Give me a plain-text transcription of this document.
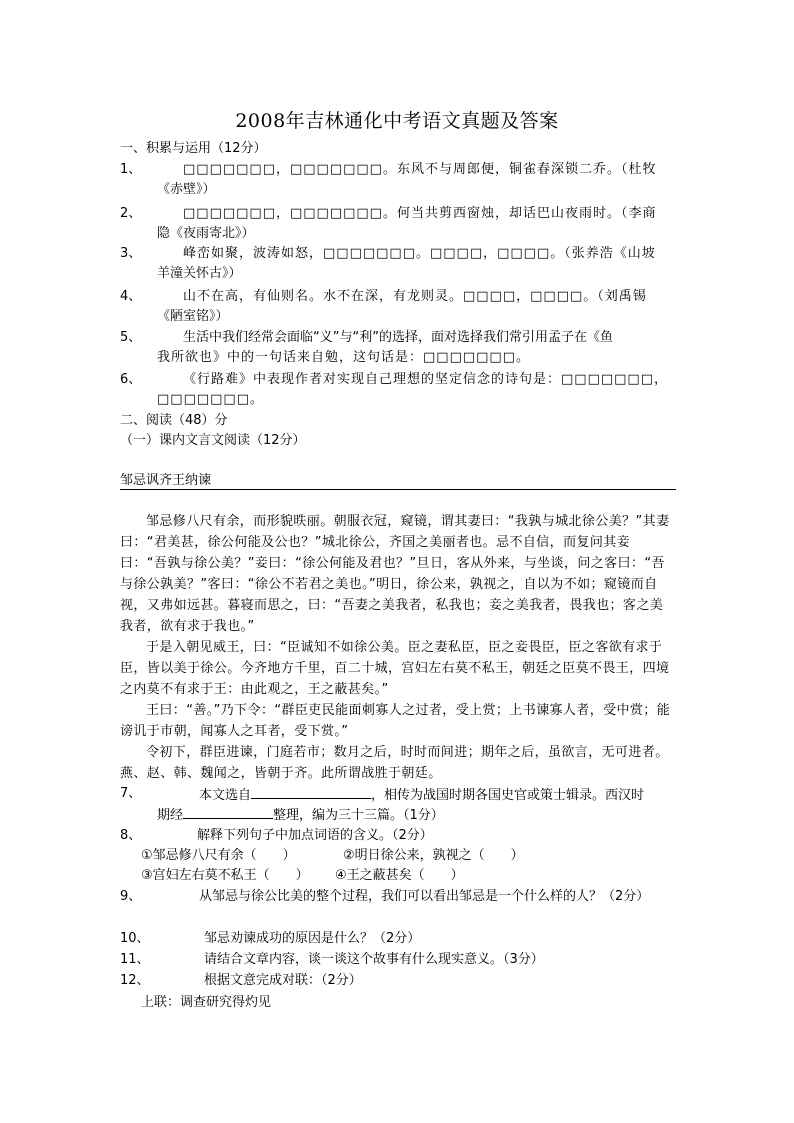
2008年吉林通化中考语文真题及答案
一、积累与运用（12分）
1、	□□□□□□□，□□□□□□□。东风不与周郎便，铜雀春深锁二乔。（杜牧
《赤壁》）
2、	□□□□□□□，□□□□□□□。何当共剪西窗烛，却话巴山夜雨时。（李商
隐《夜雨寄北》）
3、	峰峦如聚，波涛如怒，□□□□□□□。□□□□，□□□□。（张养浩《山坡
羊潼关怀古》）
4、	山不在高，有仙则名。水不在深，有龙则灵。□□□□，□□□□。（刘禹锡
《陋室铭》）
5、	生活中我们经常会面临“义”与“利”的选择，面对选择我们常引用孟子在《鱼
我所欲也》中的一句话来自勉，这句话是：□□□□□□□。
6、	《行路难》中表现作者对实现自己理想的坚定信念的诗句是：□□□□□□□，
□□□□□□□。
二、阅读（48）分
（一）课内文言文阅读（12分）
邹忌讽齐王纳谏
邹忌修八尺有余，而形貌昳丽。朝服衣冠，窥镜，谓其妻曰：“我孰与城北徐公美？”其妻曰：“君美甚，徐公何能及公也？”城北徐公，齐国之美丽者也。忌不自信，而复问其妾曰：“吾孰与徐公美？”妾曰：“徐公何能及君也？”旦日，客从外来，与坐谈，问之客曰：“吾与徐公孰美？”客曰：“徐公不若君之美也。”明日，徐公来，孰视之，自以为不如；窥镜而自视，又弗如远甚。暮寝而思之，曰：“吾妻之美我者，私我也；妾之美我者，畏我也；客之美我者，欲有求于我也。”
于是入朝见威王，曰：“臣诚知不如徐公美。臣之妻私臣，臣之妾畏臣，臣之客欲有求于臣，皆以美于徐公。今齐地方千里，百二十城，宫妇左右莫不私王，朝廷之臣莫不畏王，四境之内莫不有求于王：由此观之，王之蔽甚矣。”
王曰：“善。”乃下令：“群臣吏民能面刺寡人之过者，受上赏；上书谏寡人者，受中赏；能谤讥于市朝，闻寡人之耳者，受下赏。”
令初下，群臣进谏，门庭若市；数月之后，时时而间进；期年之后，虽欲言，无可进者。燕、赵、韩、魏闻之，皆朝于齐。此所谓战胜于朝廷。
7、	本文选自	，相传为战国时期各国史官或策士辑录。西汉时
期经	整理，编为三十三篇。（1分）
8、	解释下列句子中加点词语的含义。（2分）
①邹忌修八尺有余（　　）	②明日徐公来，孰视之（　　）
③宫妇左右莫不私王（　　） ④王之蔽甚矣（　　）
9、	从邹忌与徐公比美的整个过程，我们可以看出邹忌是一个什么样的人？（2分）
10、	邹忌劝谏成功的原因是什么？（2分）
11、	请结合文章内容，谈一谈这个故事有什么现实意义。（3分）
12、	根据文意完成对联：（2分）
上联：调查研究得灼见
